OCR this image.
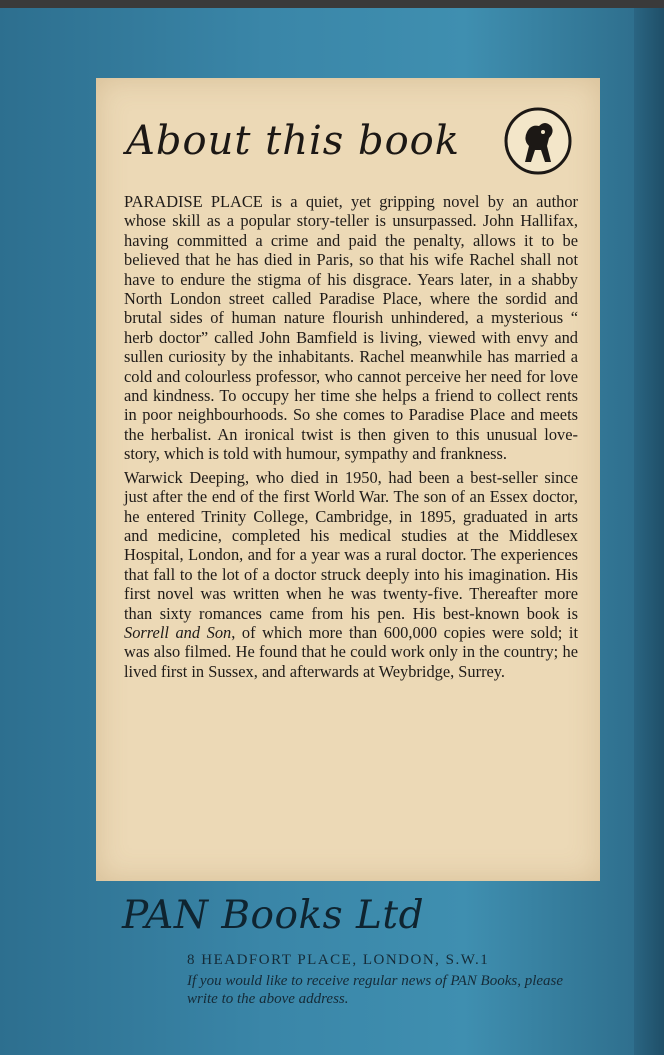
About this book

PARADISE PLACE is a quiet, yet gripping novel by an author whose skill as a popular story-teller is unsurpassed. John Hallifax, having committed a crime and paid the penalty, allows it to be believed that he has died in Paris, so that his wife Rachel shall not have to endure the stigma of his disgrace. Years later, in a shabby North London street called Paradise Place, where the sordid and brutal sides of human nature flourish unhindered, a mysterious “ herb doctor” called John Bamfield is living, viewed with envy and sullen curiosity by the inhabitants. Rachel meanwhile has married a cold and colourless professor, who cannot perceive her need for love and kindness. To occupy her time she helps a friend to collect rents in poor neighbourhoods. So she comes to Paradise Place and meets the herbalist. An ironical twist is then given to this unusual love-story, which is told with humour, sympathy and frankness.

Warwick Deeping, who died in 1950, had been a best-seller since just after the end of the first World War. The son of an Essex doctor, he entered Trinity College, Cambridge, in 1895, graduated in arts and medicine, completed his medical studies at the Middlesex Hospital, London, and for a year was a rural doctor. The experiences that fall to the lot of a doctor struck deeply into his imagination. His first novel was written when he was twenty-five. Thereafter more than sixty romances came from his pen. His best-known book is Sorrell and Son, of which more than 600,000 copies were sold; it was also filmed. He found that he could work only in the country; he lived first in Sussex, and afterwards at Weybridge, Surrey.

PAN Books Ltd
8 HEADFORT PLACE, LONDON, S.W.1
If you would like to receive regular news of PAN Books, please write to the above address.
